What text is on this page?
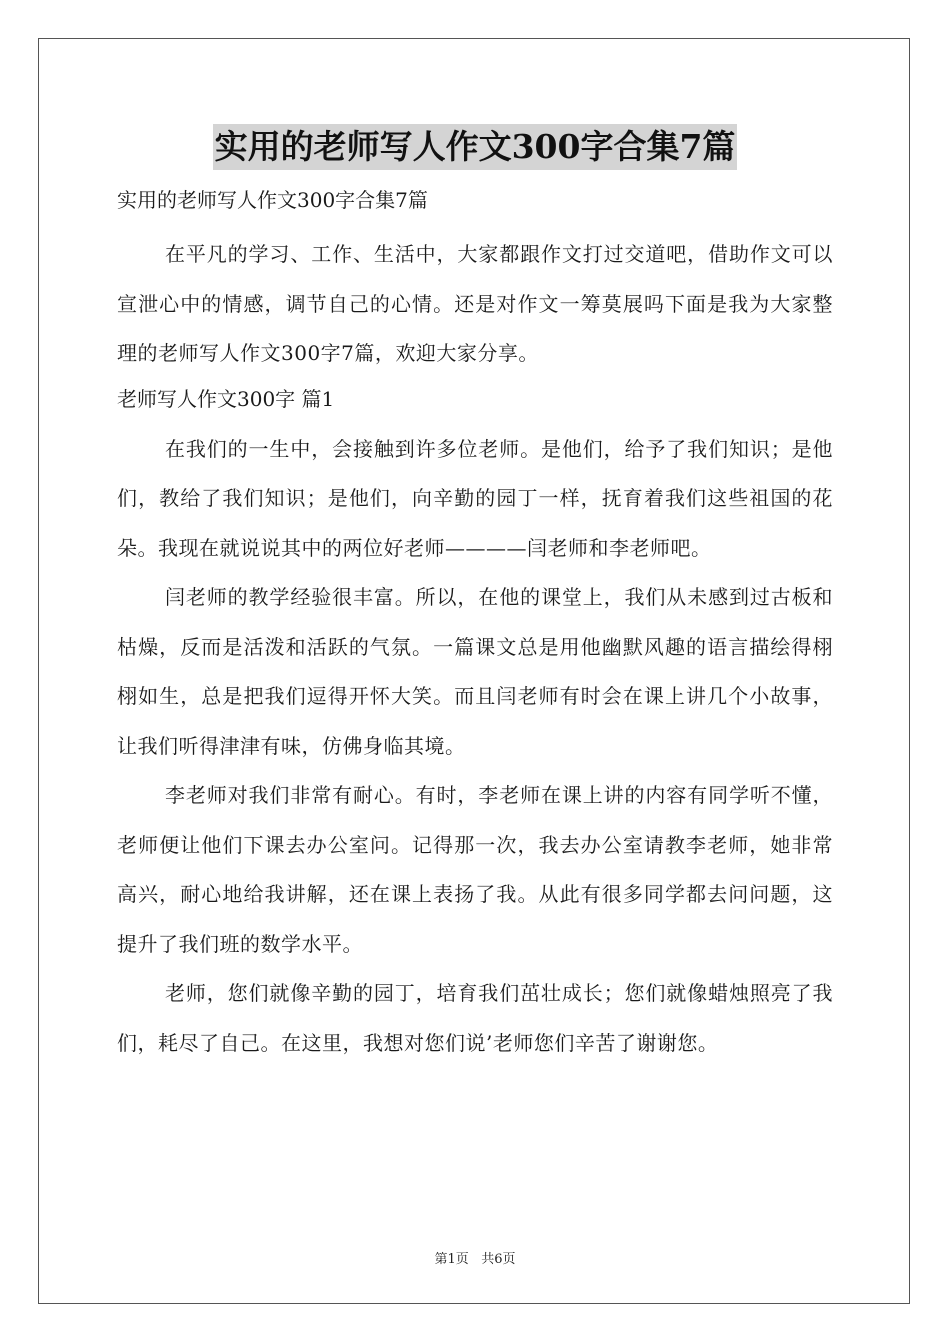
实用的老师写人作文300字合集7篇

实用的老师写人作文300字合集7篇

在平凡的学习、工作、生活中，大家都跟作文打过交道吧，借助作文可以宣泄心中的情感，调节自己的心情。还是对作文一筹莫展吗下面是我为大家整理的老师写人作文300字7篇，欢迎大家分享。

老师写人作文300字 篇1

在我们的一生中，会接触到许多位老师。是他们，给予了我们知识；是他们，教给了我们知识；是他们，向辛勤的园丁一样，抚育着我们这些祖国的花朵。我现在就说说其中的两位好老师————闫老师和李老师吧。

闫老师的教学经验很丰富。所以，在他的课堂上，我们从未感到过古板和枯燥，反而是活泼和活跃的气氛。一篇课文总是用他幽默风趣的语言描绘得栩栩如生，总是把我们逗得开怀大笑。而且闫老师有时会在课上讲几个小故事，让我们听得津津有味，仿佛身临其境。

李老师对我们非常有耐心。有时，李老师在课上讲的内容有同学听不懂，老师便让他们下课去办公室问。记得那一次，我去办公室请教李老师，她非常高兴，耐心地给我讲解，还在课上表扬了我。从此有很多同学都去问问题，这提升了我们班的数学水平。

老师，您们就像辛勤的园丁，培育我们茁壮成长；您们就像蜡烛照亮了我们，耗尽了自己。在这里，我想对您们说’老师您们辛苦了谢谢您。

第1页 共6页
